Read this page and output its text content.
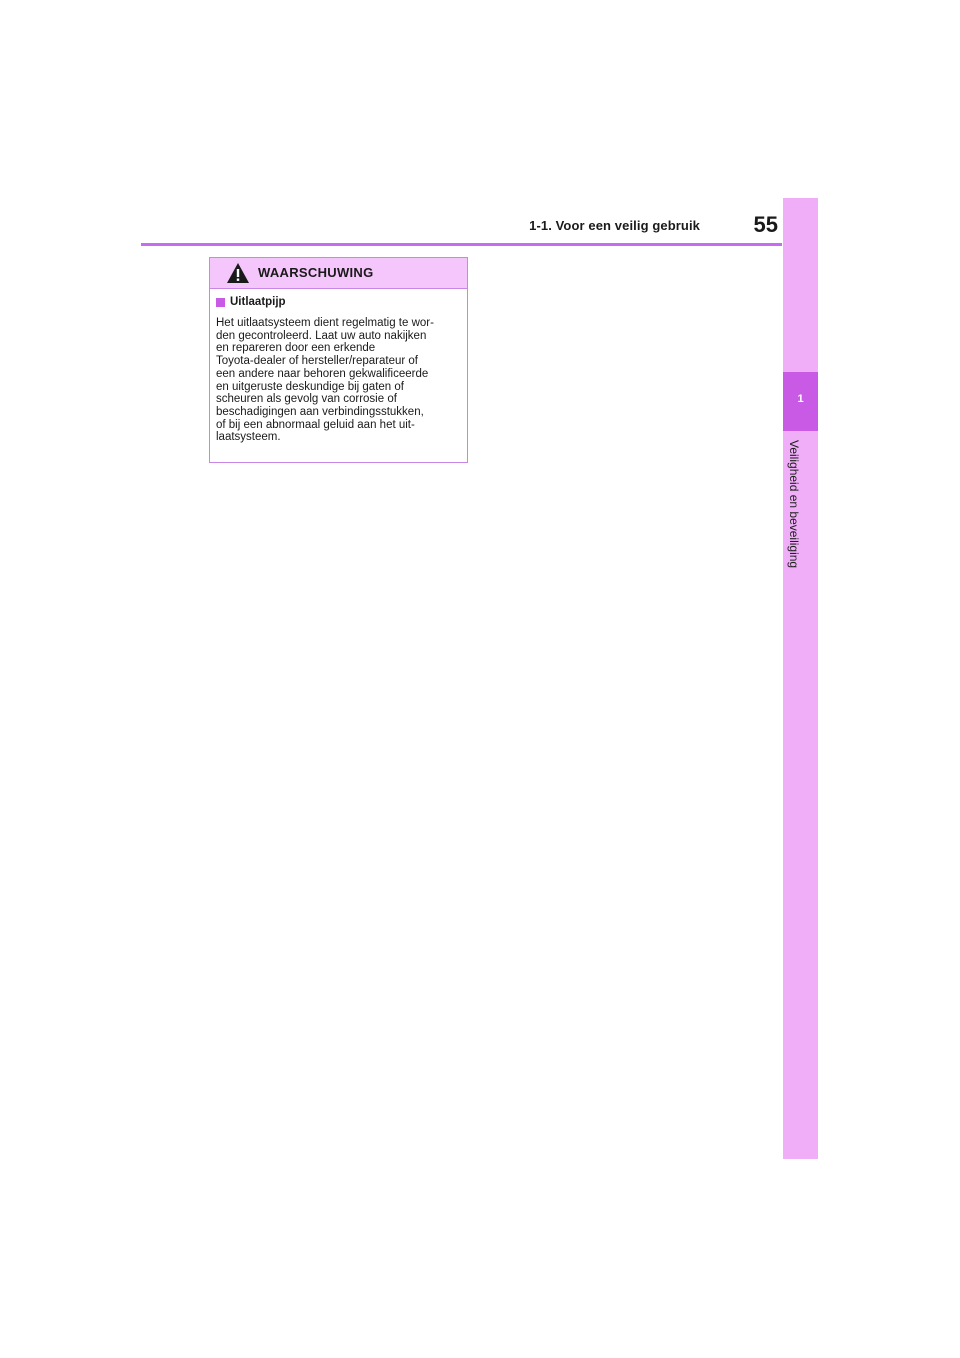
1-1. Voor een veilig gebruik	55
1
Veiligheid en beveiliging
WAARSCHUWING
Uitlaatpijp
Het uitlaatsysteem dient regelmatig te wor-
den gecontroleerd. Laat uw auto nakijken
en repareren door een erkende
Toyota-dealer of hersteller/reparateur of
een andere naar behoren gekwalificeerde
en uitgeruste deskundige bij gaten of
scheuren als gevolg van corrosie of
beschadigingen aan verbindingsstukken,
of bij een abnormaal geluid aan het uit-
laatsysteem.
